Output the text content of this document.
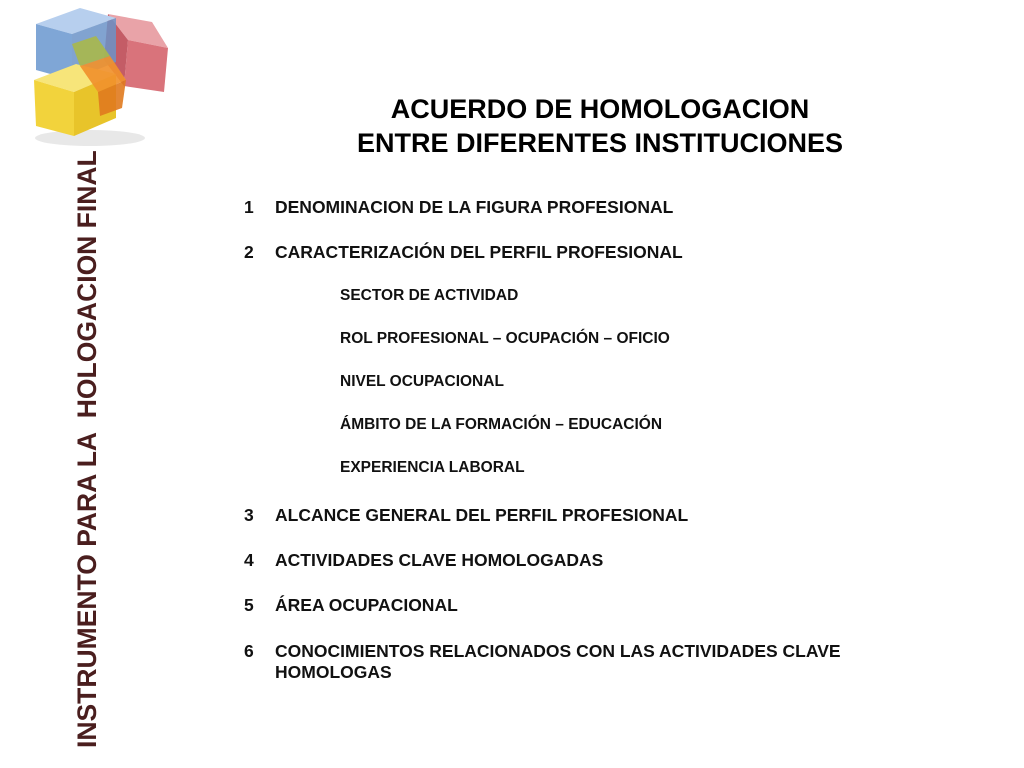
INSTRUMENTO PARA LA  HOLOGACION FINAL
ACUERDO DE HOMOLOGACION
ENTRE DIFERENTES INSTITUCIONES
1 DENOMINACION DE LA FIGURA PROFESIONAL
2 CARACTERIZACIÓN DEL PERFIL PROFESIONAL
SECTOR DE ACTIVIDAD
ROL PROFESIONAL – OCUPACIÓN – OFICIO
NIVEL OCUPACIONAL
ÁMBITO DE LA FORMACIÓN – EDUCACIÓN
EXPERIENCIA LABORAL
3 ALCANCE GENERAL DEL PERFIL PROFESIONAL
4 ACTIVIDADES CLAVE HOMOLOGADAS
5 ÁREA OCUPACIONAL
6 CONOCIMIENTOS RELACIONADOS CON LAS ACTIVIDADES CLAVE
HOMOLOGAS
